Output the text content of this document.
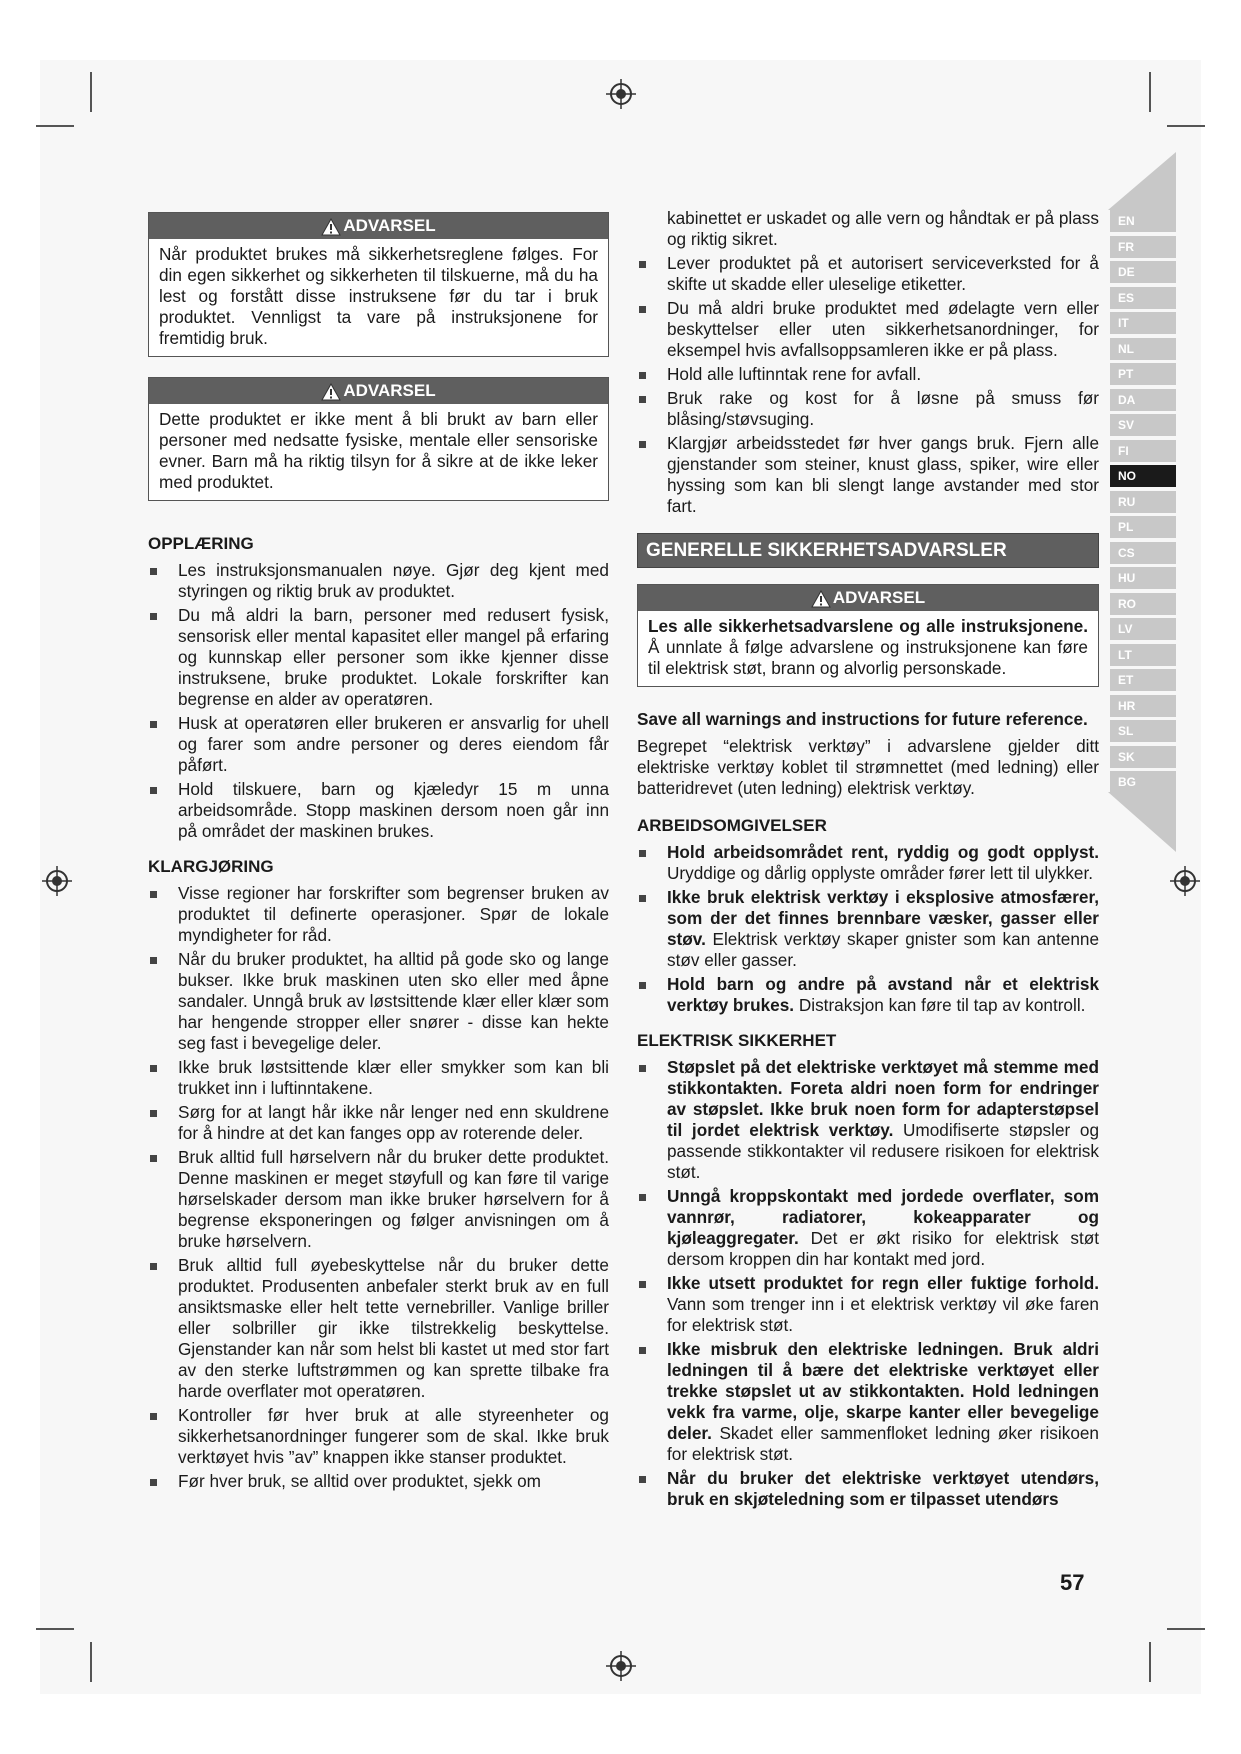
EN
FR
DE
ES
IT
NL
PT
DA
SV
FI
NO
RU
PL
CS
HU
RO
LV
LT
ET
HR
SL
SK
BG
ADVARSEL
Når produktet brukes må sikkerhetsreglene følges. For din egen sikkerhet og sikkerheten til tilskuerne, må du ha lest og forstått disse instruksene før du tar i bruk produktet. Vennligst ta vare på instruksjonene for fremtidig bruk.
ADVARSEL
Dette produktet er ikke ment å bli brukt av barn eller personer med nedsatte fysiske, mentale eller sensoriske evner. Barn må ha riktig tilsyn for å sikre at de ikke leker med produktet.
OPPLÆRING
Les instruksjonsmanualen nøye. Gjør deg kjent med styringen og riktig bruk av produktet.
Du må aldri la barn, personer med redusert fysisk, sensorisk eller mental kapasitet eller mangel på erfaring og kunnskap eller personer som ikke kjenner disse instruksene, bruke produktet. Lokale forskrifter kan begrense en alder av operatøren.
Husk at operatøren eller brukeren er ansvarlig for uhell og farer som andre personer og deres eiendom får påført.
Hold tilskuere, barn og kjæledyr 15 m unna arbeidsområde. Stopp maskinen dersom noen går inn på området der maskinen brukes.
KLARGJØRING
Visse regioner har forskrifter som begrenser bruken av produktet til definerte operasjoner. Spør de lokale myndigheter for råd.
Når du bruker produktet, ha alltid på gode sko og lange bukser. Ikke bruk maskinen uten sko eller med åpne sandaler. Unngå bruk av løstsittende klær eller klær som har hengende stropper eller snører - disse kan hekte seg fast i bevegelige deler.
Ikke bruk løstsittende klær eller smykker som kan bli trukket inn i luftinntakene.
Sørg for at langt hår ikke når lenger ned enn skuldrene for å hindre at det kan fanges opp av roterende deler.
Bruk alltid full hørselvern når du bruker dette produktet. Denne maskinen er meget støyfull og kan føre til varige hørselskader dersom man ikke bruker hørselvern for å begrense eksponeringen og følger anvisningen om å bruke hørselvern.
Bruk alltid full øyebeskyttelse når du bruker dette produktet. Produsenten anbefaler sterkt bruk av en full ansiktsmaske eller helt tette vernebriller. Vanlige briller eller solbriller gir ikke tilstrekkelig beskyttelse. Gjenstander kan når som helst bli kastet ut med stor fart av den sterke luftstrømmen og kan sprette tilbake fra harde overflater mot operatøren.
Kontroller før hver bruk at alle styreenheter og sikkerhetsanordninger fungerer som de skal. Ikke bruk verktøyet hvis ”av” knappen ikke stanser produktet.
Før hver bruk, se alltid over produktet, sjekk om
kabinettet er uskadet og alle vern og håndtak er på plass og riktig sikret.
Lever produktet på et autorisert serviceverksted for å skifte ut skadde eller uleselige etiketter.
Du må aldri bruke produktet med ødelagte vern eller beskyttelser eller uten sikkerhetsanordninger, for eksempel hvis avfallsoppsamleren ikke er på plass.
Hold alle luftinntak rene for avfall.
Bruk rake og kost for å løsne på smuss før blåsing/støvsuging.
Klargjør arbeidsstedet før hver gangs bruk. Fjern alle gjenstander som steiner, knust glass, spiker, wire eller hyssing som kan bli slengt lange avstander med stor fart.
GENERELLE SIKKERHETSADVARSLER
ADVARSEL
Les alle sikkerhetsadvarslene og alle instruksjonene. Å unnlate å følge advarslene og instruksjonene kan føre til elektrisk støt, brann og alvorlig personskade.
Save all warnings and instructions for future reference.
Begrepet “elektrisk verktøy” i advarslene gjelder ditt elektriske verktøy koblet til strømnettet (med ledning) eller batteridrevet (uten ledning) elektrisk verktøy.
ARBEIDSOMGIVELSER
Hold arbeidsområdet rent, ryddig og godt opplyst. Uryddige og dårlig opplyste områder fører lett til ulykker.
Ikke bruk elektrisk verktøy i eksplosive atmosfærer, som der det finnes brennbare væsker, gasser eller støv. Elektrisk verktøy skaper gnister som kan antenne støv eller gasser.
Hold barn og andre på avstand når et elektrisk verktøy brukes. Distraksjon kan føre til tap av kontroll.
ELEKTRISK SIKKERHET
Støpslet på det elektriske verktøyet må stemme med stikkontakten. Foreta aldri noen form for endringer av støpslet. Ikke bruk noen form for adapterstøpsel til jordet elektrisk verktøy. Umodifiserte støpsler og passende stikkontakter vil redusere risikoen for elektrisk støt.
Unngå kroppskontakt med jordede overflater, som vannrør, radiatorer, kokeapparater og kjøleaggregater. Det er økt risiko for elektrisk støt dersom kroppen din har kontakt med jord.
Ikke utsett produktet for regn eller fuktige forhold. Vann som trenger inn i et elektrisk verktøy vil øke faren for elektrisk støt.
Ikke misbruk den elektriske ledningen. Bruk aldri ledningen til å bære det elektriske verktøyet eller trekke støpslet ut av stikkontakten. Hold ledningen vekk fra varme, olje, skarpe kanter eller bevegelige deler. Skadet eller sammenfloket ledning øker risikoen for elektrisk støt.
Når du bruker det elektriske verktøyet utendørs, bruk en skjøteledning som er tilpasset utendørs
57
